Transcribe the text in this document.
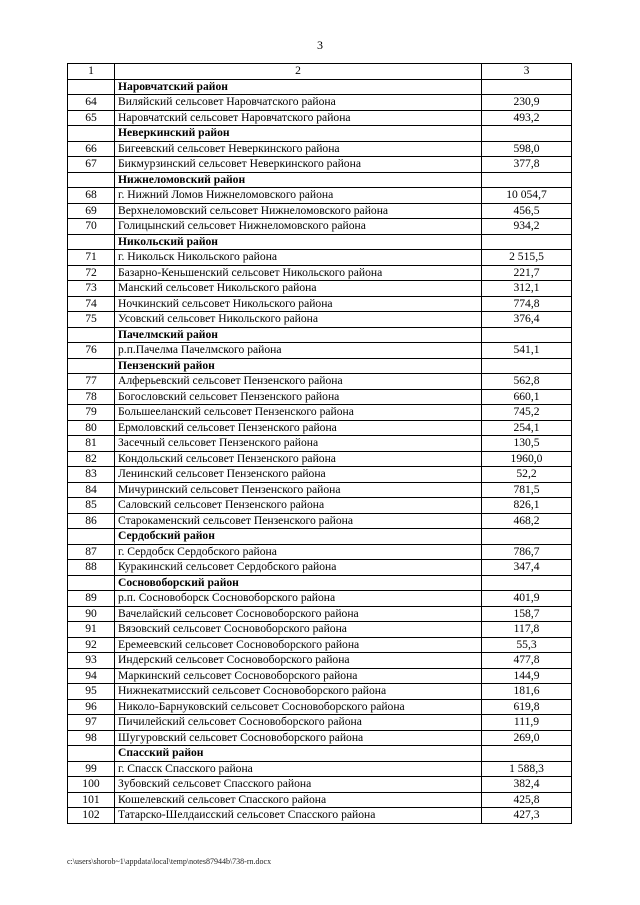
3
1	2	3
	Наровчатский район	
64	Виляйский сельсовет Наровчатского района	230,9
65	Наровчатский сельсовет Наровчатского района	493,2
	Неверкинский район	
66	Бигеевский сельсовет Неверкинского района	598,0
67	Бикмурзинский сельсовет Неверкинского района	377,8
	Нижнеломовский район	
68	г. Нижний Ломов Нижнеломовского района	10 054,7
69	Верхнеломовский сельсовет Нижнеломовского района	456,5
70	Голицынский сельсовет Нижнеломовского района	934,2
	Никольский район	
71	г. Никольск Никольского района	2 515,5
72	Базарно-Кеньшенский сельсовет Никольского района	221,7
73	Манский сельсовет Никольского района	312,1
74	Ночкинский сельсовет Никольского района	774,8
75	Усовский сельсовет Никольского района	376,4
	Пачелмский район	
76	р.п.Пачелма Пачелмского района	541,1
	Пензенский район	
77	Алферьевский сельсовет Пензенского района	562,8
78	Богословский сельсовет Пензенского района	660,1
79	Большееланский сельсовет Пензенского района	745,2
80	Ермоловский сельсовет Пензенского района	254,1
81	Засечный сельсовет Пензенского района	130,5
82	Кондольский сельсовет Пензенского района	1960,0
83	Ленинский сельсовет Пензенского района	52,2
84	Мичуринский сельсовет Пензенского района	781,5
85	Саловский сельсовет Пензенского района	826,1
86	Старокаменский сельсовет Пензенского района	468,2
	Сердобский район	
87	г. Сердобск Сердобского района	786,7
88	Куракинский сельсовет Сердобского района	347,4
	Сосновоборский район	
89	р.п. Сосновоборск Сосновоборского района	401,9
90	Вачелайский сельсовет Сосновоборского района	158,7
91	Вязовский сельсовет Сосновоборского района	117,8
92	Еремеевский сельсовет Сосновоборского района	55,3
93	Индерский сельсовет Сосновоборского района	477,8
94	Маркинский сельсовет Сосновоборского района	144,9
95	Нижнекатмисский сельсовет Сосновоборского района	181,6
96	Николо-Барнуковский сельсовет Сосновоборского района	619,8
97	Пичилейский сельсовет Сосновоборского района	111,9
98	Шугуровский сельсовет Сосновоборского района	269,0
	Спасский район	
99	г. Спасск Спасского района	1 588,3
100	Зубовский сельсовет Спасского района	382,4
101	Кошелевский сельсовет Спасского района	425,8
102	Татарско-Шелдаисский сельсовет Спасского района	427,3
c:\users\shorob~1\appdata\local\temp\notes87944b\738-rn.docx
